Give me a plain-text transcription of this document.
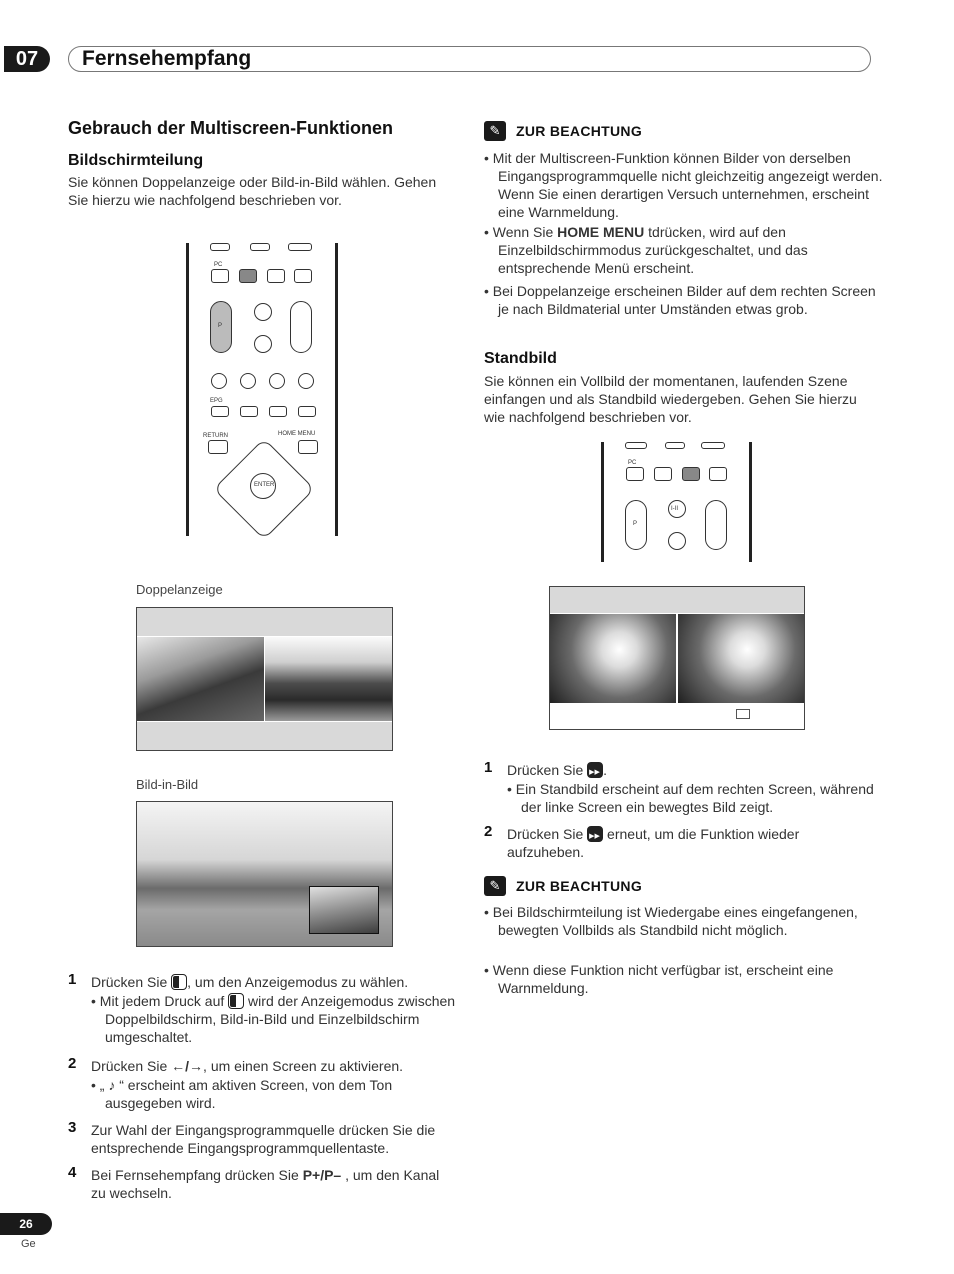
07	Fernsehempfang
Gebrauch der Multiscreen-Funktionen
Bildschirmteilung
Sie können Doppelanzeige oder Bild-in-Bild wählen. Gehen Sie hierzu wie nachfolgend beschrieben vor.
PC
P
EPG
RETURN	HOME MENU
ENTER
Doppelanzeige
Bild-in-Bild
1 Drücken Sie , um den Anzeigemodus zu wählen.
• Mit jedem Druck auf  wird der Anzeigemodus zwischen Doppelbildschirm, Bild-in-Bild und Einzelbildschirm umgeschaltet.
2 Drücken Sie ←/→, um einen Screen zu aktivieren.
• „ ♪ “ erscheint am aktiven Screen, von dem Ton ausgegeben wird.
3 Zur Wahl der Eingangsprogrammquelle drücken Sie die entsprechende Eingangsprogrammquellentaste.
4 Bei Fernsehempfang drücken Sie P+/P– , um den Kanal zu wechseln.
✎	ZUR BEACHTUNG
• Mit der Multiscreen-Funktion können Bilder von derselben Eingangsprogrammquelle nicht gleichzeitig angezeigt werden. Wenn Sie einen derartigen Versuch unternehmen, erscheint eine Warnmeldung.
• Wenn Sie HOME MENU tdrücken, wird auf den Einzelbildschirmmodus zurückgeschaltet, und das entsprechende Menü erscheint.
• Bei Doppelanzeige erscheinen Bilder auf dem rechten Screen je nach Bildmaterial unter Umständen etwas grob.
Standbild
Sie können ein Vollbild der momentanen, laufenden Szene einfangen und als Standbild wiedergeben. Gehen Sie hierzu wie nachfolgend beschrieben vor.
PC
P
I-II
1 Drücken Sie ▶▶.
• Ein Standbild erscheint auf dem rechten Screen, während der linke Screen ein bewegtes Bild zeigt.
2 Drücken Sie ▶▶ erneut, um die Funktion wieder aufzuheben.
✎	ZUR BEACHTUNG
• Bei Bildschirmteilung ist Wiedergabe eines eingefangenen, bewegten Vollbilds als Standbild nicht möglich.
• Wenn diese Funktion nicht verfügbar ist, erscheint eine Warnmeldung.
26
Ge
